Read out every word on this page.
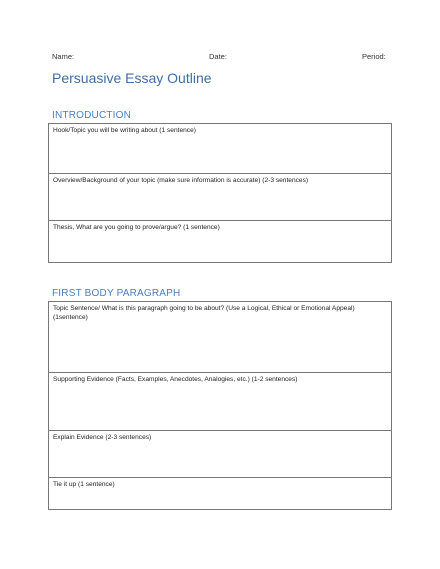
Name:	Date:	Period:
Persuasive Essay Outline
INTRODUCTION
Hook/Topic you will be writing about (1 sentence)
Overview/Background of your topic (make sure information is accurate) (2-3 sentences)
Thesis, What are you going to prove/argue? (1 sentence)
FIRST BODY PARAGRAPH
Topic Sentence/ What is this paragraph going to be about? (Use a Logical, Ethical or Emotional Appeal) (1sentence)
Supporting Evidence (Facts, Examples, Anecdotes, Analogies, etc.) (1-2 sentences)
Explain Evidence (2-3 sentences)
Tie it up (1 sentence)
